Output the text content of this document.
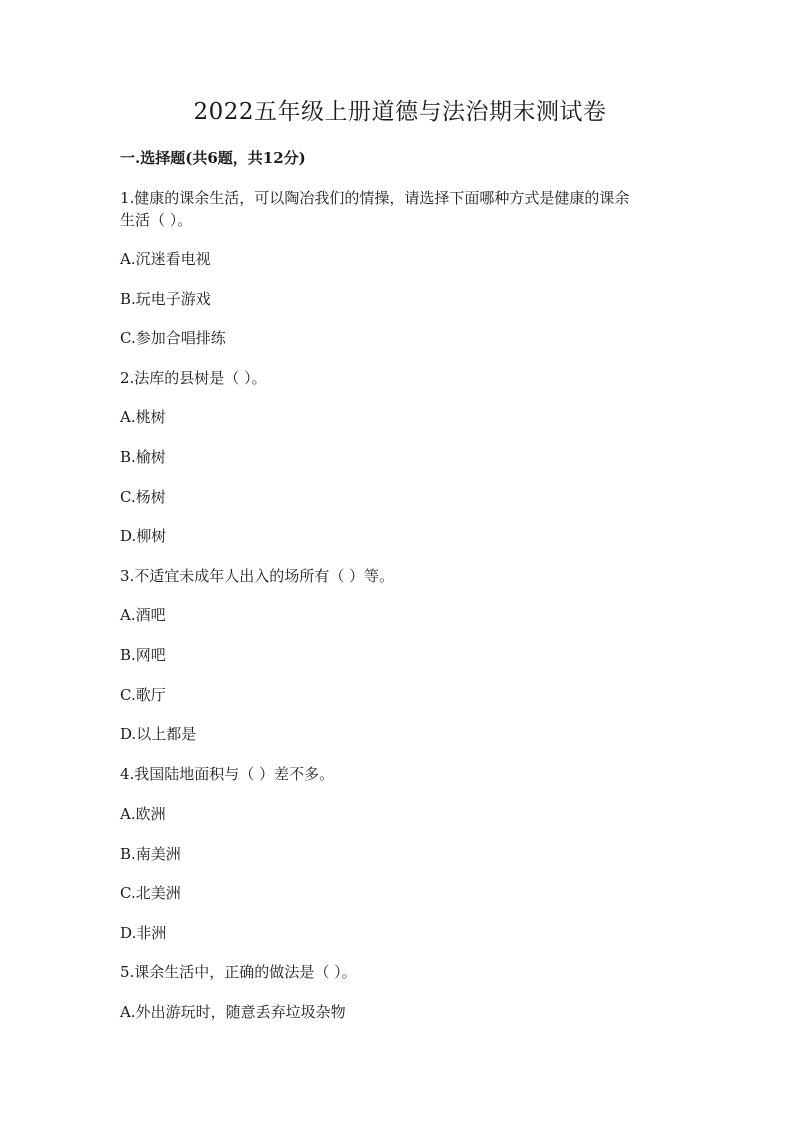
2022五年级上册道德与法治期末测试卷
一.选择题(共6题，共12分)
1.健康的课余生活，可以陶冶我们的情操，请选择下面哪种方式是健康的课余
生活（ ）。
A.沉迷看电视
B.玩电子游戏
C.参加合唱排练
2.法库的县树是（ ）。
A.桃树
B.榆树
C.杨树
D.柳树
3.不适宜未成年人出入的场所有（ ）等。
A.酒吧
B.网吧
C.歌厅
D.以上都是
4.我国陆地面积与（ ）差不多。
A.欧洲
B.南美洲
C.北美洲
D.非洲
5.课余生活中，正确的做法是（ ）。
A.外出游玩时，随意丢弃垃圾杂物
